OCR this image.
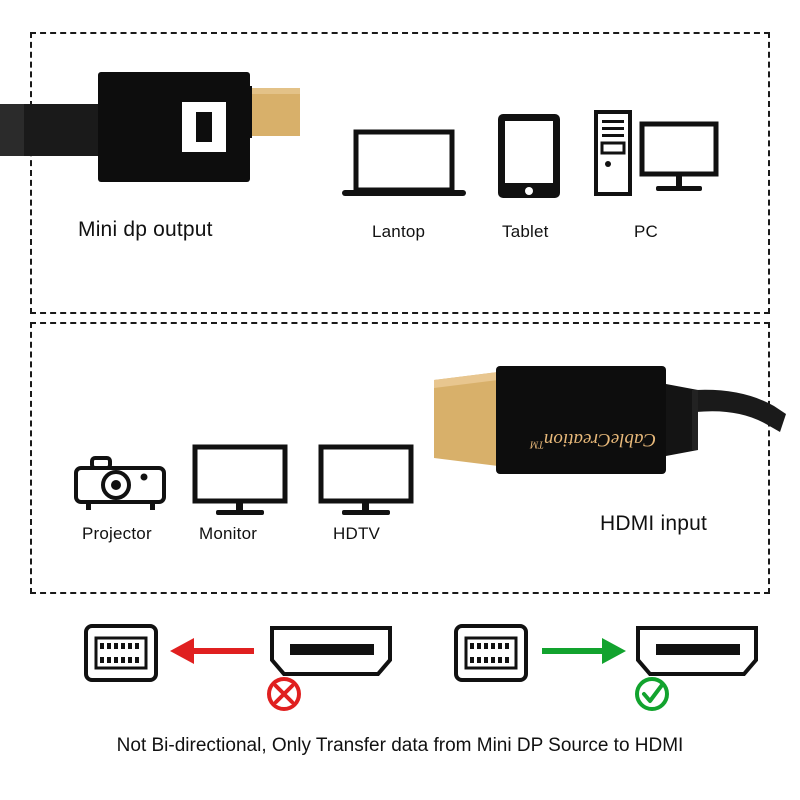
Mini dp output	Lantop	Tablet	PC
Projector	Monitor	HDTV
CableCreation™
HDMI input
Not Bi-directional, Only Transfer data from Mini DP Source to HDMI
